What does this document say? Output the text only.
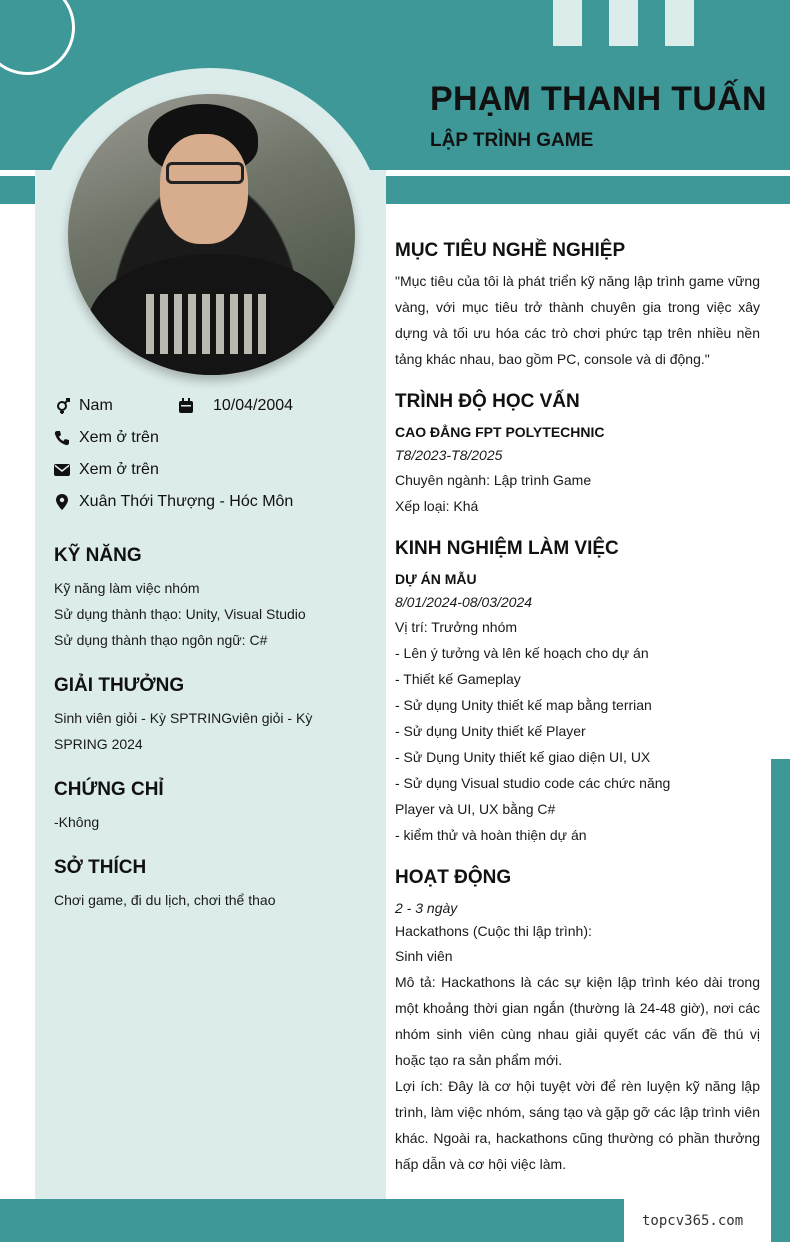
PHẠM THANH TUẤN
LẬP TRÌNH GAME
Nam	10/04/2004
Xem ở trên
Xem ở trên
Xuân Thới Thượng - Hóc Môn
KỸ NĂNG
Kỹ năng làm việc nhóm
Sử dụng thành thạo: Unity, Visual Studio
Sử dụng thành thạo ngôn ngữ: C#
GIẢI THƯỞNG
Sinh viên giỏi - Kỳ SPTRINGviên giỏi - Kỳ
SPRING 2024
CHỨNG CHỈ
-Không
SỞ THÍCH
Chơi game, đi du lịch, chơi thể thao
MỤC TIÊU NGHỀ NGHIỆP
"Mục tiêu của tôi là phát triển kỹ năng lập trình game vững vàng, với mục tiêu trở thành chuyên gia trong việc xây dựng và tối ưu hóa các trò chơi phức tạp trên nhiều nền tảng khác nhau, bao gồm PC, console và di động."
TRÌNH ĐỘ HỌC VẤN
CAO ĐẲNG FPT POLYTECHNIC
T8/2023-T8/2025
Chuyên ngành: Lập trình Game
Xếp loại: Khá
KINH NGHIỆM LÀM VIỆC
DỰ ÁN MẪU
8/01/2024-08/03/2024
Vị trí: Trưởng nhóm
- Lên ý tưởng và lên kế hoạch cho dự án
- Thiết kế Gameplay
- Sử dụng Unity thiết kế map bằng terrian
- Sử dụng Unity thiết kế Player
- Sử Dụng Unity thiết kế giao diện UI, UX
- Sử dụng Visual studio code các chức năng
Player và UI, UX bằng C#
- kiểm thử và hoàn thiện dự án
HOẠT ĐỘNG
2 - 3 ngày
Hackathons (Cuộc thi lập trình):
Sinh viên
Mô tả: Hackathons là các sự kiện lập trình kéo dài trong một khoảng thời gian ngắn (thường là 24-48 giờ), nơi các nhóm sinh viên cùng nhau giải quyết các vấn đề thú vị hoặc tạo ra sản phẩm mới.
Lợi ích: Đây là cơ hội tuyệt vời để rèn luyện kỹ năng lập trình, làm việc nhóm, sáng tạo và gặp gỡ các lập trình viên khác. Ngoài ra, hackathons cũng thường có phần thưởng hấp dẫn và cơ hội việc làm.
topcv365.com
